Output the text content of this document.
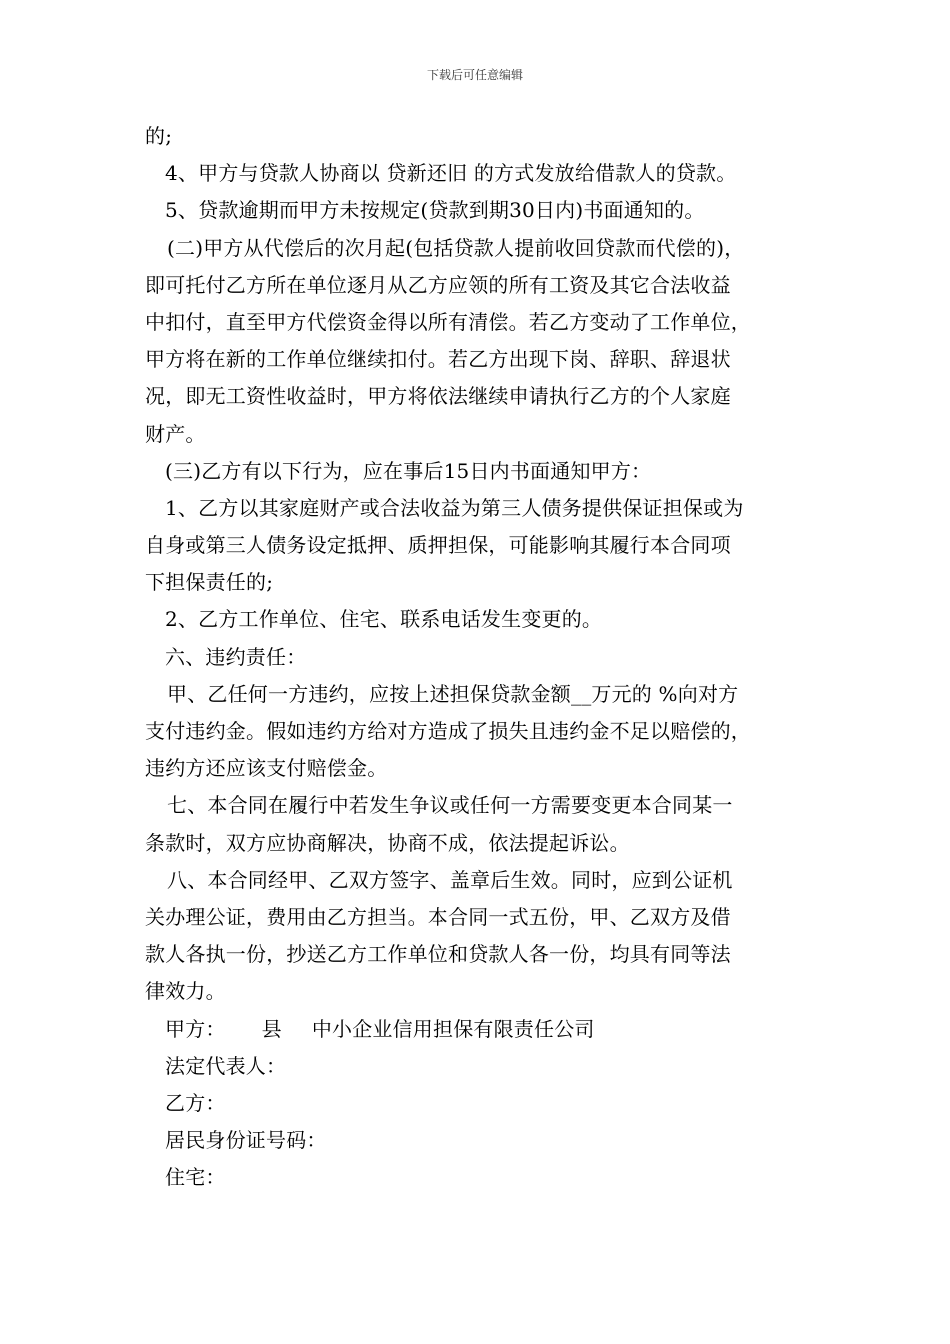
下载后可任意编辑
的;
4、甲方与贷款人协商以 贷新还旧 的方式发放给借款人的贷款。
5、贷款逾期而甲方未按规定(贷款到期30日内)书面通知的。
(二)甲方从代偿后的次月起(包括贷款人提前收回贷款而代偿的)，
即可托付乙方所在单位逐月从乙方应领的所有工资及其它合法收益
中扣付，直至甲方代偿资金得以所有清偿。若乙方变动了工作单位，
甲方将在新的工作单位继续扣付。若乙方出现下岗、辞职、辞退状
况，即无工资性收益时，甲方将依法继续申请执行乙方的个人家庭
财产。
(三)乙方有以下行为，应在事后15日内书面通知甲方：
1、乙方以其家庭财产或合法收益为第三人债务提供保证担保或为
自身或第三人债务设定抵押、质押担保，可能影响其履行本合同项
下担保责任的;
2、乙方工作单位、住宅、联系电话发生变更的。
六、违约责任：
甲、乙任何一方违约，应按上述担保贷款金额__万元的 %向对方
支付违约金。假如违约方给对方造成了损失且违约金不足以赔偿的，
违约方还应该支付赔偿金。
七、本合同在履行中若发生争议或任何一方需要变更本合同某一
条款时，双方应协商解决，协商不成，依法提起诉讼。
八、本合同经甲、乙双方签字、盖章后生效。同时，应到公证机
关办理公证，费用由乙方担当。本合同一式五份，甲、乙双方及借
款人各执一份，抄送乙方工作单位和贷款人各一份，均具有同等法
律效力。
甲方： 县 中小企业信用担保有限责任公司
法定代表人：
乙方：
居民身份证号码：
住宅：
